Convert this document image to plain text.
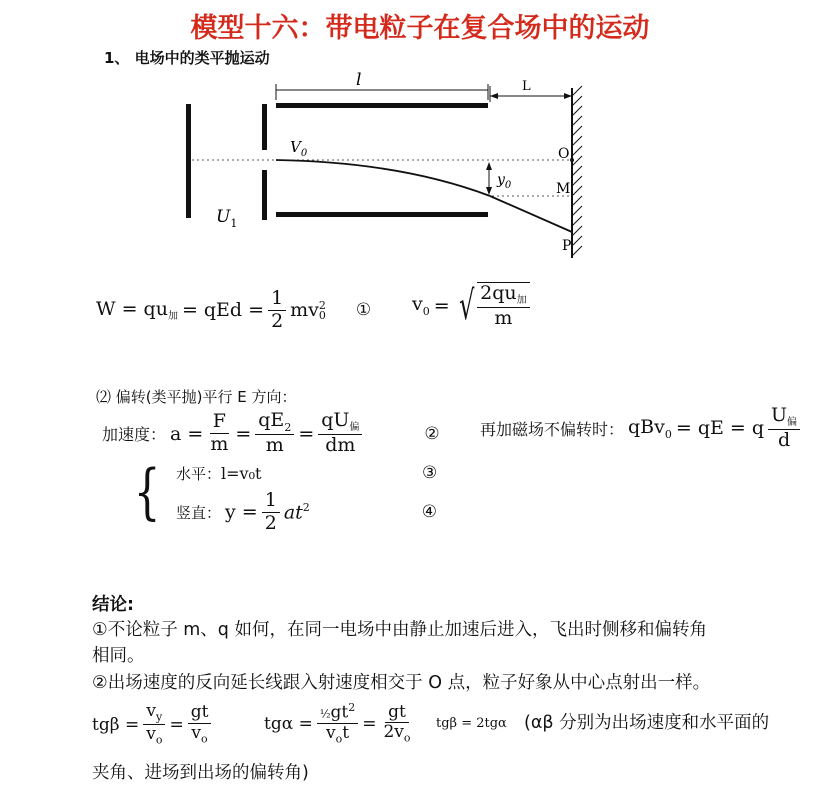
模型十六：带电粒子在复合场中的运动
1、 电场中的类平抛运动
l	L
$V_0$
$y_0$
O
M
P
$U_1$
$W = qu_加$ = qEd = $\frac{1}{2}$ mv 2
0 ① $v_0$ = √ $\frac{2qu_加}{m}$
⑵ 偏转(类平抛)平行 E 方向：
加速度： $a = \frac{F}{m} = \frac{qE_2}{m} = \frac{qU_偏}{dm}$	②	再加磁场不偏转时： qBv$_0$ = qE = q $\frac{U_偏}{d}$
{ 水平：l=v₀t	③
竖直： $y = \frac{1}{2} at^2$	④
结论:
①不论粒子 m、q 如何，在同一电场中由静止加速后进入，飞出时侧移和偏转角
相同。
②出场速度的反向延长线跟入射速度相交于 O 点，粒子好象从中心点射出一样。
$tg\beta = \frac{v_y}{v_o} = \frac{gt}{v_o}$	$tg\alpha = \frac{\frac{1}{2}gt^2}{v_ot} = \frac{gt}{2v_o}$ tgβ = 2tgα (αβ 分别为出场速度和水平面的
夹角、进场到出场的偏转角)
